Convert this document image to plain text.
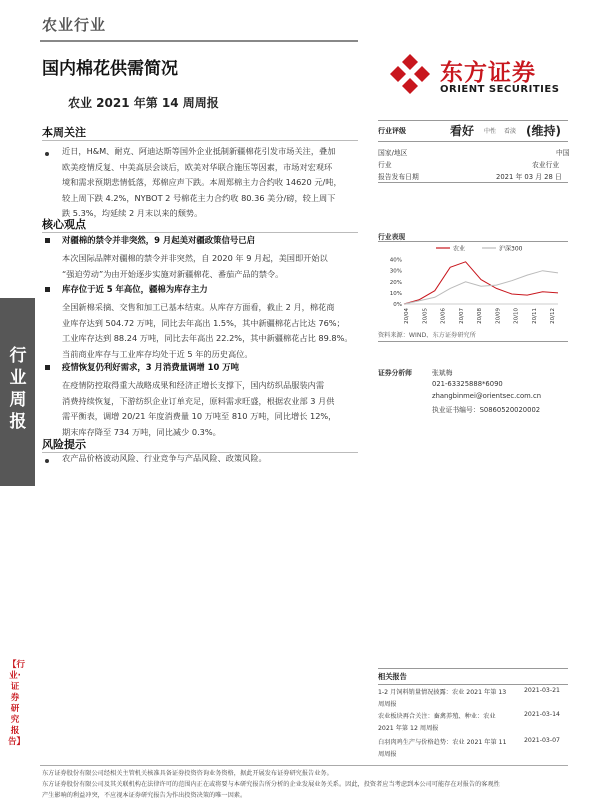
农业行业
国内棉花供需简况
农业 2021 年第 14 周周报
东方证券
ORIENT SECURITIES
本周关注
近日，H&M、耐克、阿迪达斯等国外企业抵制新疆棉花引发市场关注，叠加
欧美疫情反复、中美高层会谈后，欧美对华联合施压等因素，市场对宏观环
境和需求预期悲情低落，郑棉应声下跌。本周郑棉主力合约收 14620 元/吨，
较上周下跌 4.2%，NYBOT 2 号棉花主力合约收 80.36 美分/磅，较上周下
跌 5.3%，均延续 2 月末以来的颓势。
核心观点
对疆棉的禁令并非突然，9 月起美对疆政策信号已启
本次国际品牌对疆棉的禁令并非突然，自 2020 年 9 月起，美国即开始以
“强迫劳动”为由开始逐步实施对新疆棉花、番茄产品的禁令。
库存位于近 5 年高位，疆棉为库存主力
全国新棉采摘、交售和加工已基本结束。从库存方面看，截止 2 月，棉花商
业库存达到 504.72 万吨，同比去年高出 1.5%，其中新疆棉花占比达 76%；
工业库存达到 88.24 万吨，同比去年高出 22.2%，其中新疆棉花占比 89.8%。
当前商业库存与工业库存均处于近 5 年的历史高位。
疫情恢复仍利好需求，3 月消费量调增 10 万吨
在疫情防控取得重大战略成果和经济正增长支撑下，国内纺织品服装内需
消费持续恢复，下游纺织企业订单充足，原料需求旺盛，根据农业部 3 月供
需平衡表，调增 20/21 年度消费量 10 万吨至 810 万吨，同比增长 12%，
期末库存降至 734 万吨，同比减少 0.3%。
风险提示
农产品价格波动风险、行业竞争与产品风险、政策风险。
行业周报
【行业·证券研究报告】
行业评级	看好 中性 看淡 (维持)
国家/地区	中国
行业	农业行业
报告发布日期	2021 年 03 月 28 日
行业表现
农业	沪深300
40%
30%
20%
10%
0%
20/04 20/05 20/06 20/07 20/08 20/09 20/10 20/11 20/12
资料来源：WIND、东方证券研究所
证券分析师	张斌梅
021-63325888*6090
zhangbinmei@orientsec.com.cn
执业证书编号：S0860520020002
相关报告
1-2 月饲料销量情况披露：农业 2021 年第 13 周周报
2021-03-21
农业板块再合关注：畜禽养殖、种业：农业 2021 年第 12 周周报
2021-03-14
白羽肉鸡生产与价格趋势：农业 2021 年第 11 周周报
2021-03-07
东方证券股份有限公司经相关主管机关核准具备证券投资咨询业务资格，据此开展发布证券研究报告业务。
东方证券股份有限公司及其关联机构在法律许可的范围内正在或将要与本研究报告所分析的企业发展业务关系。因此，投资者应当考虑到本公司可能存在对报告的客观性
产生影响的利益冲突，不应视本证券研究报告为作出投资决策的唯一因素。
